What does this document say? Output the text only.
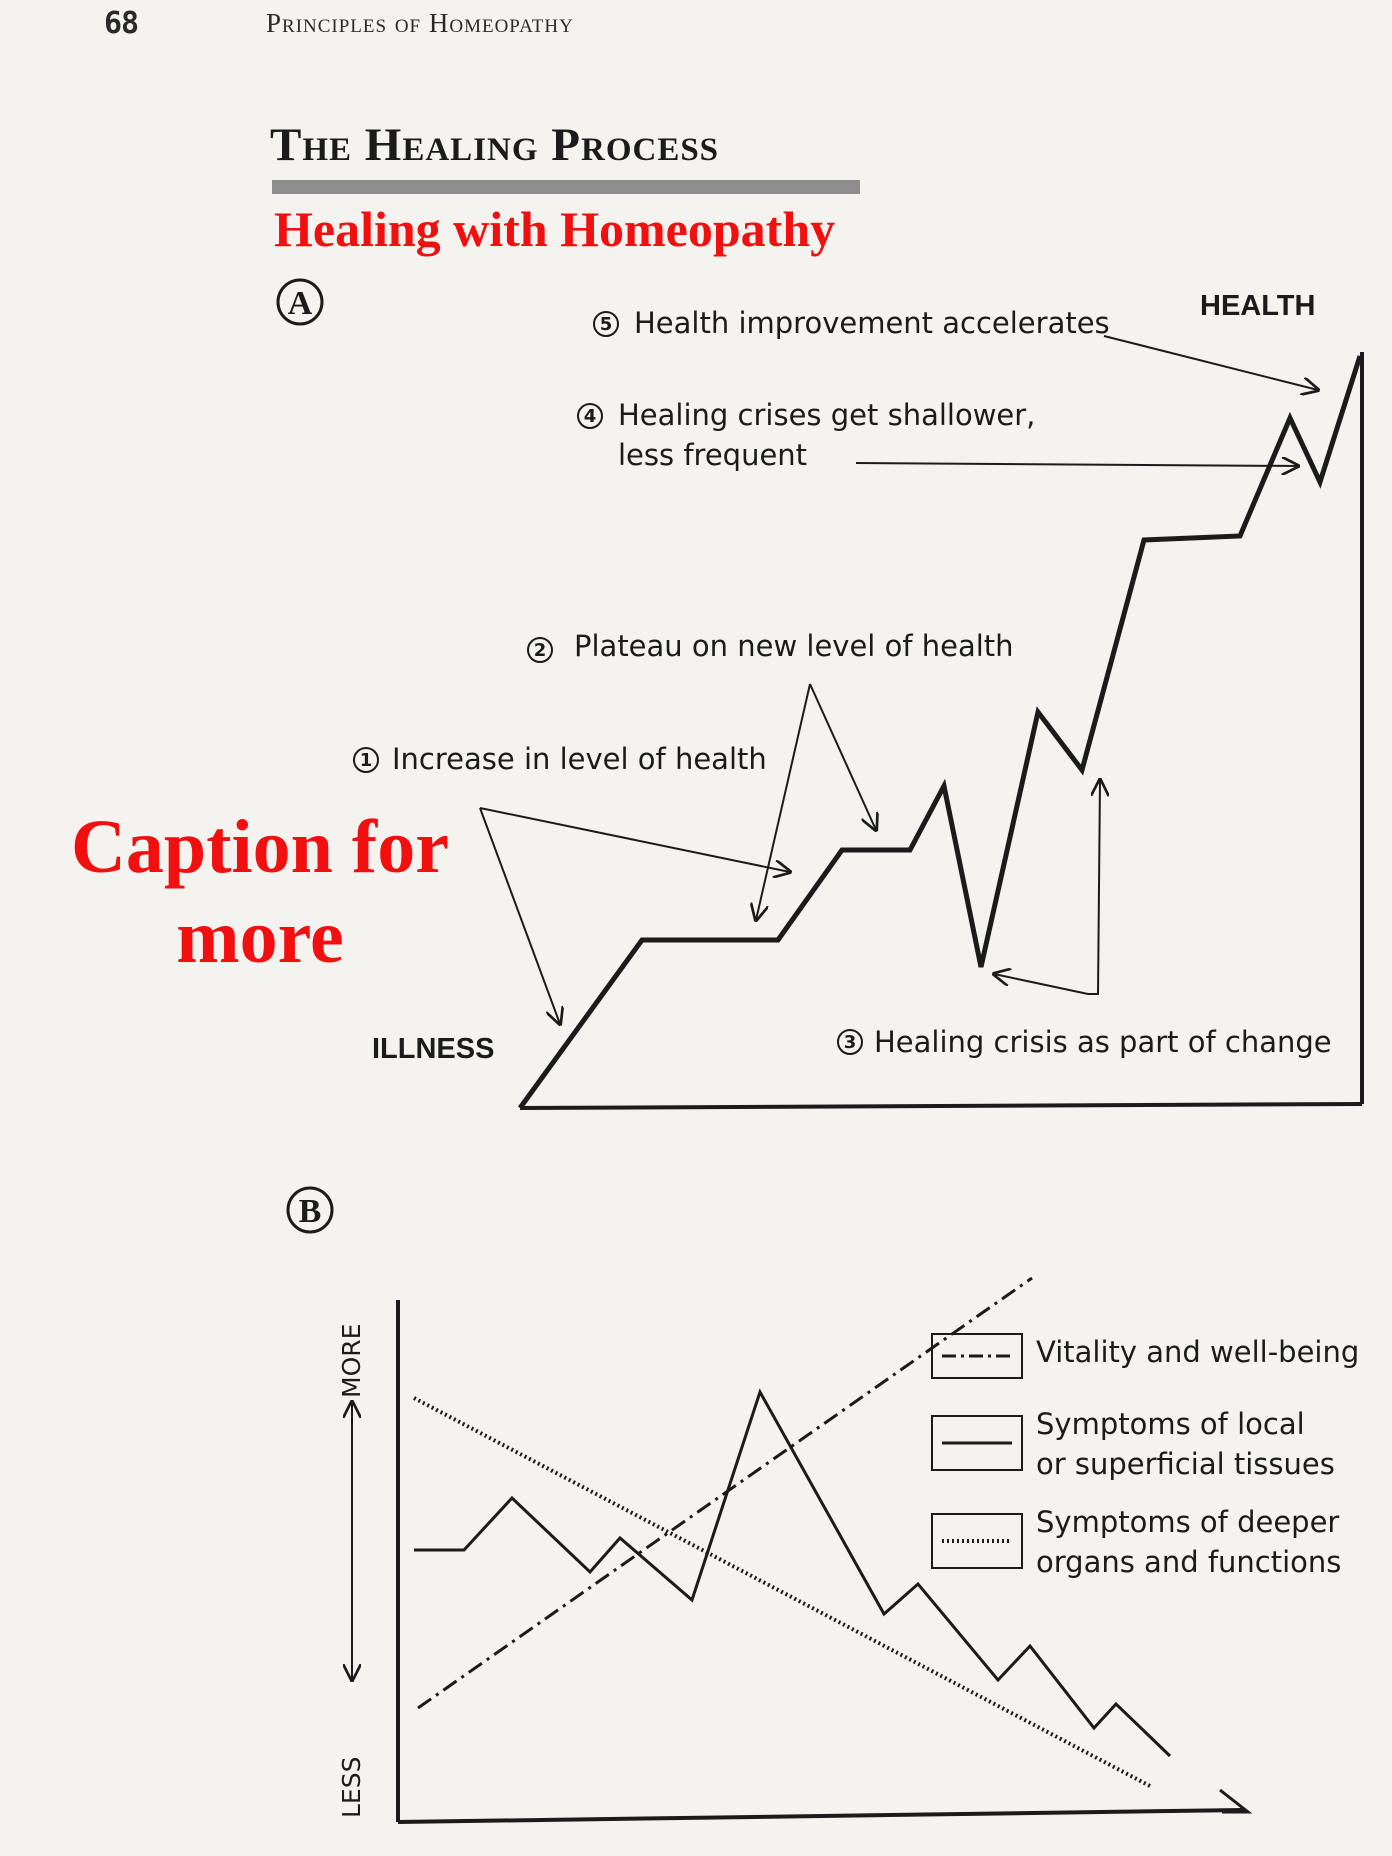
68	Principles of Homeopathy
The Healing Process
Healing with Homeopathy
A
ILLNESS
HEALTH
1 Increase in level of health
2 Plateau on new level of health
3 Healing crisis as part of change
4 Healing crises get shallower,
less frequent
5 Health improvement accelerates
B
MORE
LESS
Vitality and well-being
Symptoms of local
or superficial tissues
Symptoms of deeper
organs and functions
Caption for more
